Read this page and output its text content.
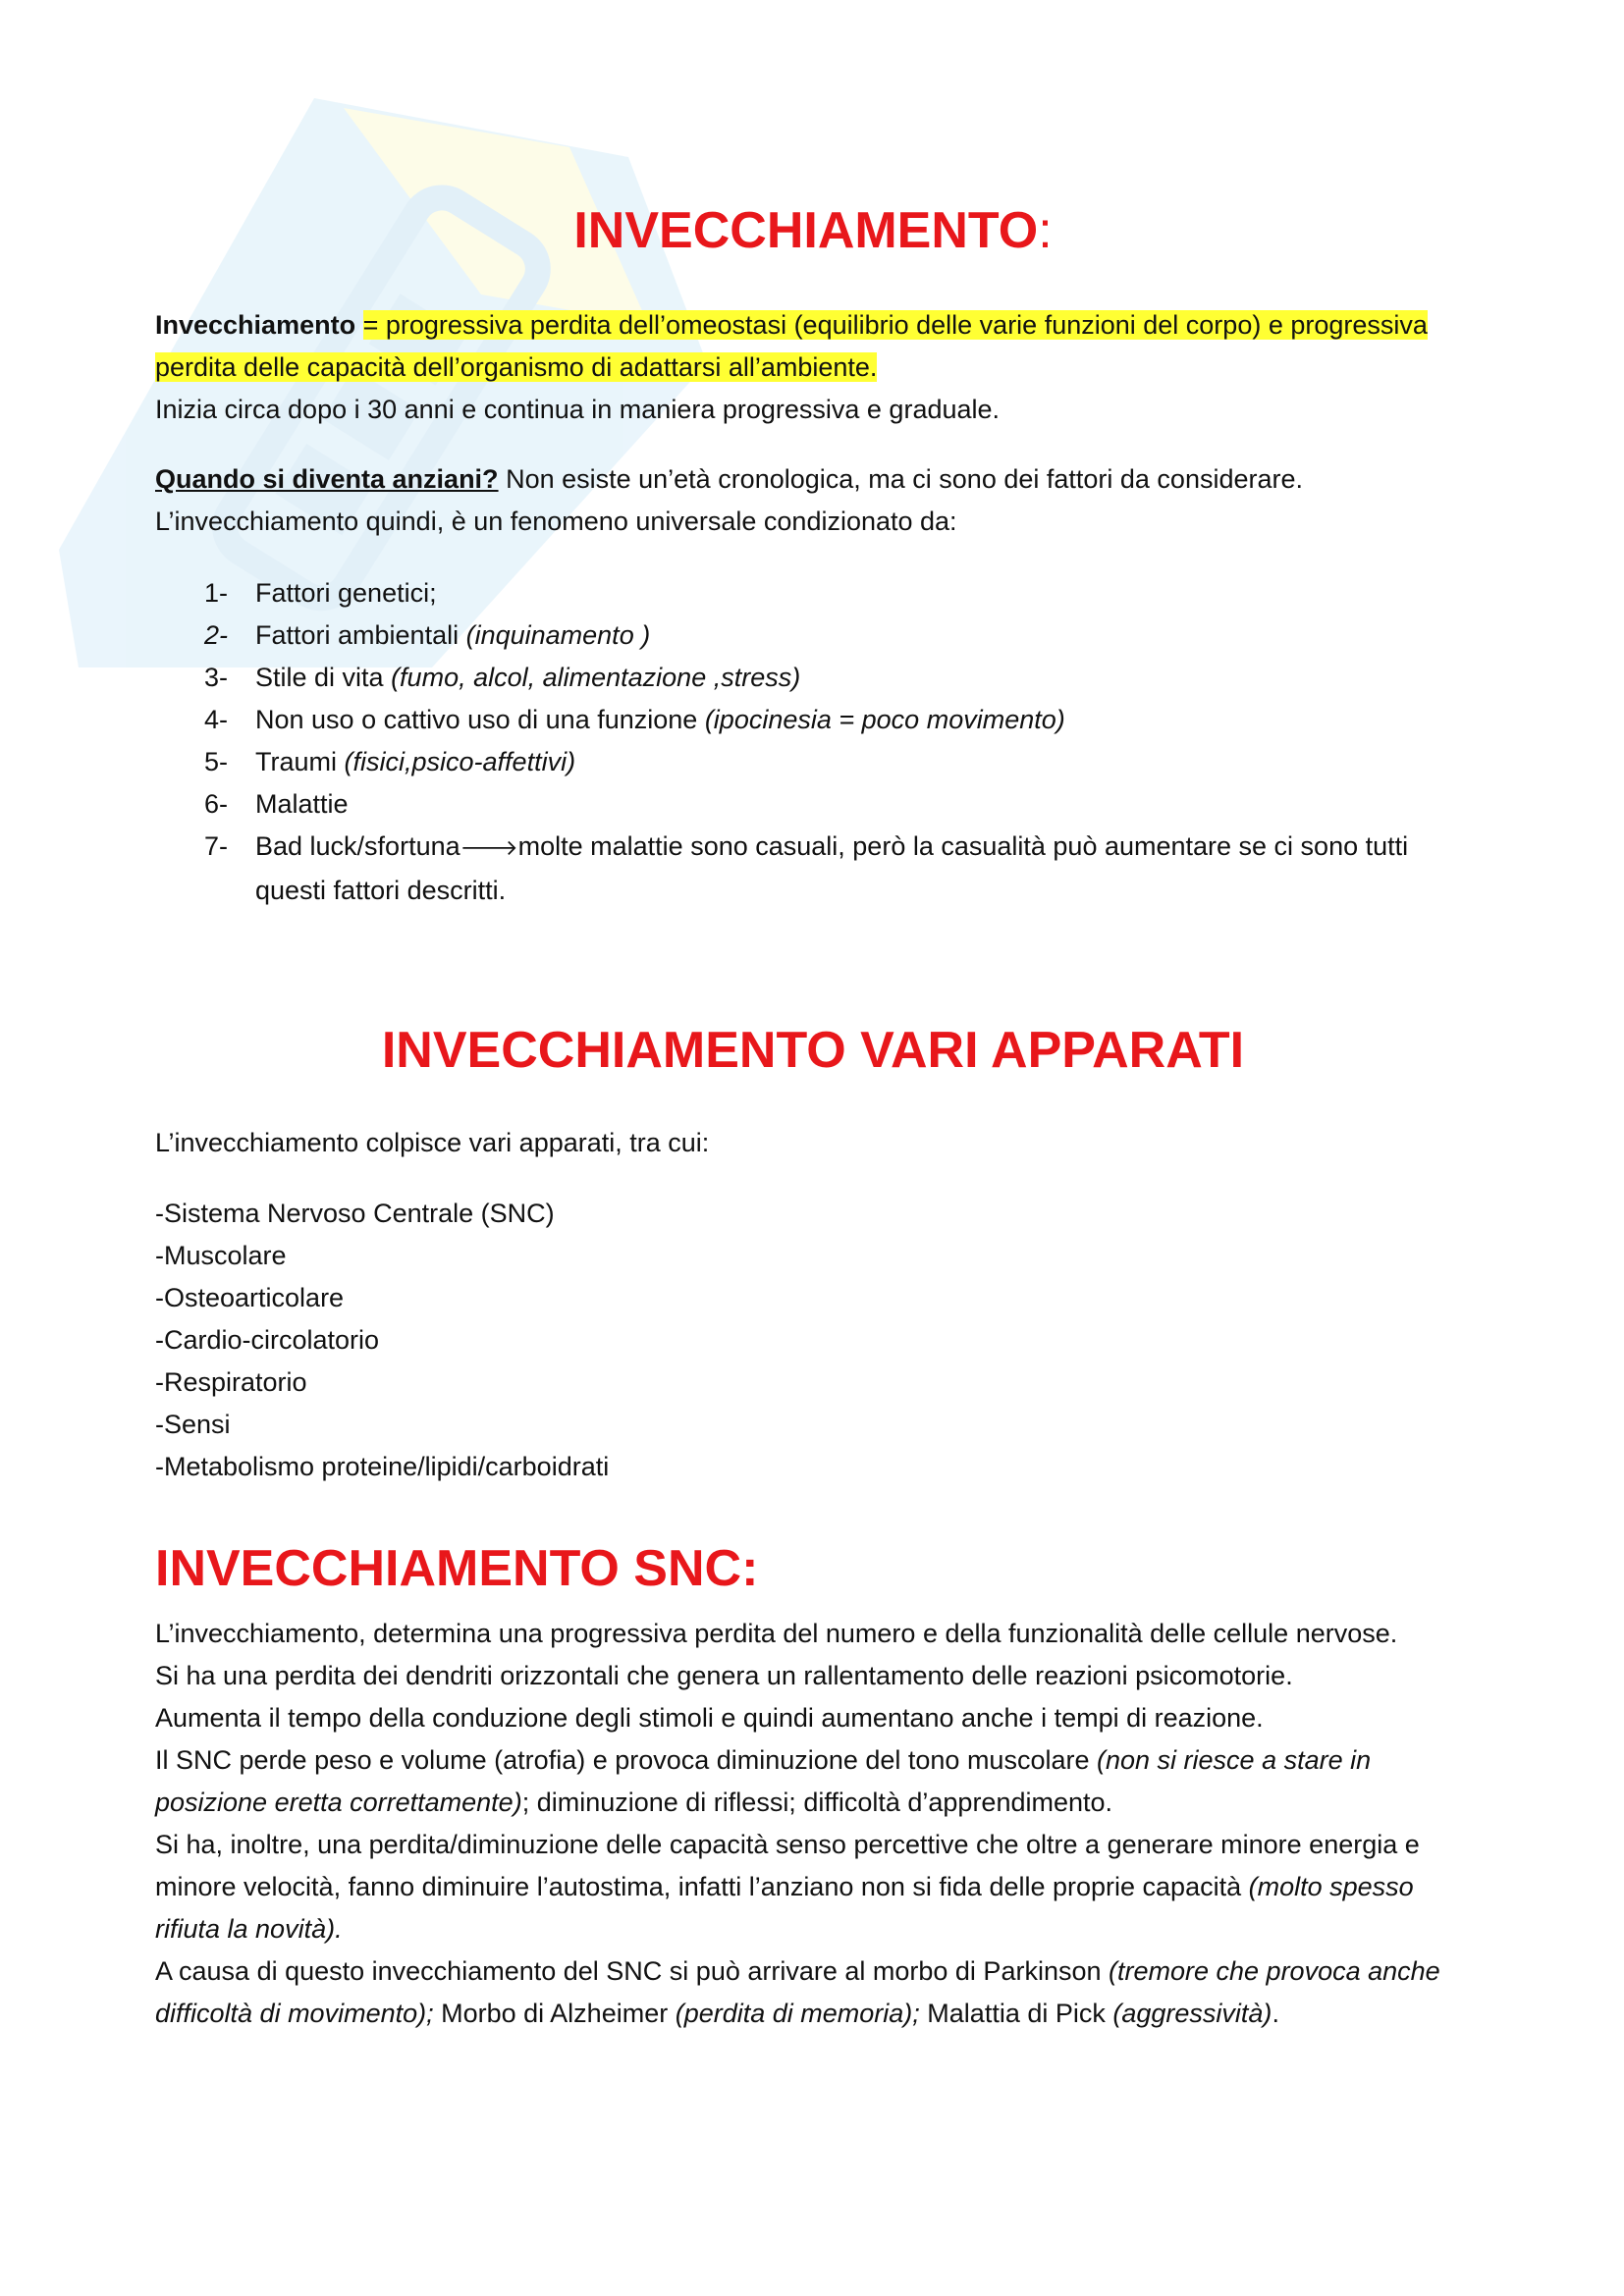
INVECCHIAMENTO:

Invecchiamento = progressiva perdita dell’omeostasi (equilibrio delle varie funzioni del corpo) e progressiva perdita delle capacità dell’organismo di adattarsi all’ambiente.

Inizia circa dopo i 30 anni e continua in maniera progressiva e graduale.

Quando si diventa anziani? Non esiste un’età cronologica, ma ci sono dei fattori da considerare.

L’invecchiamento quindi, è un fenomeno universale condizionato da:

1- Fattori genetici;
2- Fattori ambientali (inquinamento )
3- Stile di vita (fumo, alcol, alimentazione ,stress)
4- Non uso o cattivo uso di una funzione (ipocinesia = poco movimento)
5- Traumi (fisici,psico-affettivi)
6- Malattie
7- Bad luck/sfortuna🡒molte malattie sono casuali, però la casualità può aumentare se ci sono tutti questi fattori descritti.
INVECCHIAMENTO VARI APPARATI

L’invecchiamento colpisce vari apparati, tra cui:

-Sistema Nervoso Centrale (SNC)
-Muscolare
-Osteoarticolare
-Cardio-circolatorio
-Respiratorio
-Sensi
-Metabolismo proteine/lipidi/carboidrati
INVECCHIAMENTO SNC:

L’invecchiamento, determina una progressiva perdita del numero e della funzionalità delle cellule nervose.

Si ha una perdita dei dendriti orizzontali che genera un rallentamento delle reazioni psicomotorie.

Aumenta il tempo della conduzione degli stimoli e quindi aumentano anche i tempi di reazione.

Il SNC perde peso e volume (atrofia) e provoca diminuzione del tono muscolare (non si riesce a stare in posizione eretta correttamente); diminuzione di riflessi; difficoltà d’apprendimento.

Si ha, inoltre, una perdita/diminuzione delle capacità senso percettive che oltre a generare minore energia e minore velocità, fanno diminuire l’autostima, infatti l’anziano non si fida delle proprie capacità (molto spesso rifiuta la novità).

A causa di questo invecchiamento del SNC si può arrivare al morbo di Parkinson (tremore che provoca anche difficoltà di movimento); Morbo di Alzheimer (perdita di memoria); Malattia di Pick (aggressività).
